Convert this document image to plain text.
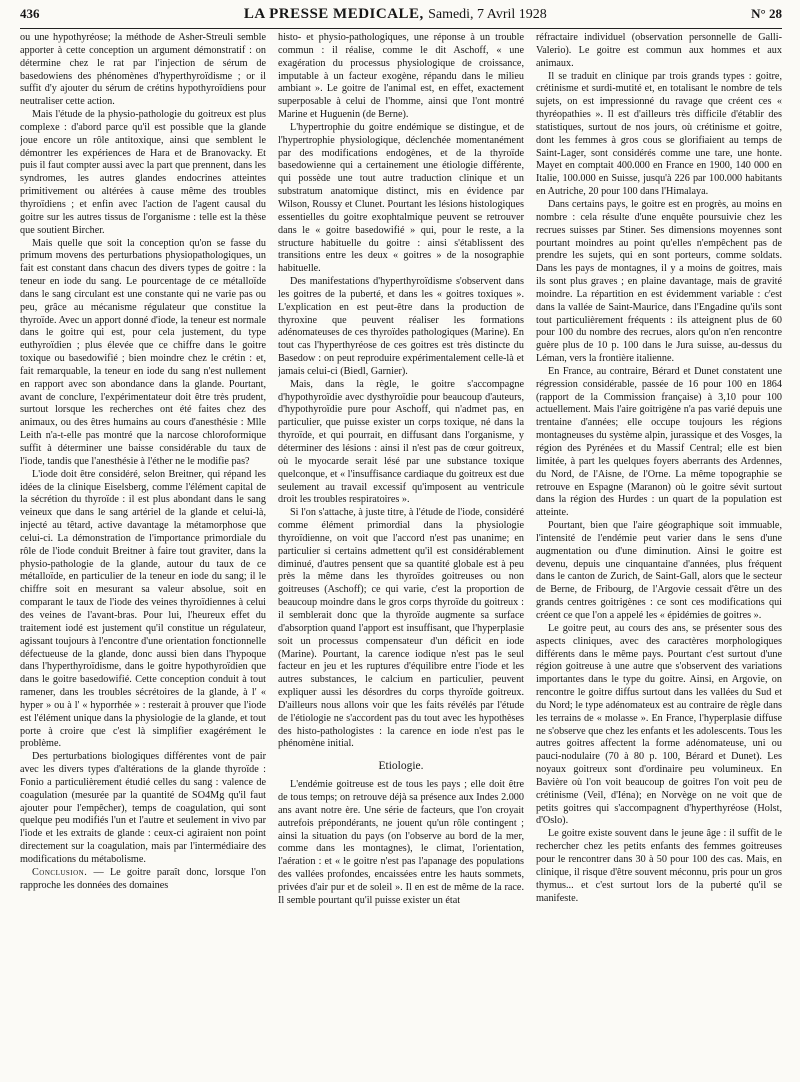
436	LA PRESSE MEDICALE, Samedi, 7 Avril 1928	N° 28

ou une hypothyréose; la méthode de Asher-Streuli semble apporter à cette conception un argument démonstratif : on détermine chez le rat par l'injection de sérum de basedowiens des phénomènes d'hyperthyroïdisme ; or il suffit d'y ajouter du sérum de crétins hypothyroïdiens pour neutraliser cette action.

Mais l'étude de la physio-pathologie du goitreux est plus complexe : d'abord parce qu'il est possible que la glande joue encore un rôle antitoxique, ainsi que semblent le démontrer les expériences de Hara et de Branovacky. Et puis il faut compter aussi avec la part que prennent, dans les syndromes, les autres glandes endocrines atteintes primitivement ou altérées à cause même des troubles thyroïdiens ; et enfin avec l'action de l'agent causal du goitre sur les autres tissus de l'organisme : telle est la thèse que soutient Bircher.

Mais quelle que soit la conception qu'on se fasse du primum movens des perturbations physiopathologiques, un fait est constant dans chacun des divers types de goitre : la teneur en iode du sang. Le pourcentage de ce métalloïde dans le sang circulant est une constante qui ne varie pas ou peu, grâce au mécanisme régulateur que constitue la thyroïde. Avec un apport donné d'iode, la teneur est normale dans le goitre qui est, pour cela justement, du type euthyroïdien ; plus élevée que ce chiffre dans le goitre toxique ou basedowifié ; bien moindre chez le crétin : et, fait remarquable, la teneur en iode du sang n'est nullement en rapport avec son abondance dans la glande. Pourtant, avant de conclure, l'expérimentateur doit être très prudent, surtout lorsque les recherches ont été faites chez des animaux, ou des êtres humains au cours d'anesthésie : Mlle Leith n'a-t-elle pas montré que la narcose chloroformique suffit à déterminer une baisse considérable du taux de l'iode, tandis que l'anesthésie à l'éther ne le modifie pas?

L'iode doit être considéré, selon Breitner, qui répand les idées de la clinique Eiselsberg, comme l'élément capital de la sécrétion du thyroïde : il est plus abondant dans le sang veineux que dans le sang artériel de la glande et celui-là, injecté au têtard, active davantage la métamorphose que celui-ci. La démonstration de l'importance primordiale du rôle de l'iode conduit Breitner à faire tout graviter, dans la physio-pathologie de la glande, autour du taux de ce métalloïde, en particulier de la teneur en iode du sang; il le chiffre soit en mesurant sa valeur absolue, soit en comparant le taux de l'iode des veines thyroïdiennes à celui des veines de l'avant-bras. Pour lui, l'heureux effet du traitement iodé est justement qu'il constitue un régulateur, agissant toujours à l'encontre d'une orientation fonctionnelle défectueuse de la glande, donc aussi bien dans l'hypoque dans l'hyperthyroïdisme, dans le goitre hypothyroïdien que dans le goitre basedowifié. Cette conception conduit à tout ramener, dans les troubles sécrétoires de la glande, à l' « hyper » ou à l' « hyporrhée » : resterait à prouver que l'iode est l'élément unique dans la physiologie de la glande, et tout porte à croire que c'est là simplifier exagérément le problème.

Des perturbations biologiques différentes vont de pair avec les divers types d'altérations de la glande thyroïde : Fonio a particulièrement étudié celles du sang : valence de coagulation (mesurée par la quantité de SO4Mg qu'il faut ajouter pour l'empêcher), temps de coagulation, qui sont quelque peu modifiés l'un et l'autre et seulement in vivo par l'iode et les extraits de glande : ceux-ci agiraient non point directement sur la coagulation, mais par l'intermédiaire des modifications du métabolisme.

Conclusion. — Le goitre paraît donc, lorsque l'on rapproche les données des domaines

histo- et physio-pathologiques, une réponse à un trouble commun : il réalise, comme le dit Aschoff, « une exagération du processus physiologique de croissance, imputable à un facteur exogène, répandu dans le milieu ambiant ». Le goitre de l'animal est, en effet, exactement superposable à celui de l'homme, ainsi que l'ont montré Marine et Huguenin (de Berne).

L'hypertrophie du goitre endémique se distingue, et de l'hypertrophie physiologique, déclenchée momentanément par des modifications endogènes, et de la thyroïde basedowienne qui a certainement une étiologie différente, qui possède une tout autre traduction clinique et un substratum anatomique distinct, mis en évidence par Wilson, Roussy et Clunet. Pourtant les lésions histologiques essentielles du goitre exophtalmique peuvent se retrouver dans le « goitre basedowifié » qui, pour le reste, a la structure habituelle du goitre : ainsi s'établissent des transitions entre les deux « goitres » de la nosographie habituelle.

Des manifestations d'hyperthyroïdisme s'observent dans les goitres de la puberté, et dans les « goitres toxiques ». L'explication en est peut-être dans la production de thyroxine que peuvent réaliser les formations adénomateuses de ces thyroïdes pathologiques (Marine). En tout cas l'hyperthyréose de ces goitres est très distincte du Basedow : on peut reproduire expérimentalement celle-là et jamais celui-ci (Biedl, Garnier).

Mais, dans la règle, le goitre s'accompagne d'hypothyroïdie avec dysthyroïdie pour beaucoup d'auteurs, d'hypothyroïdie pure pour Aschoff, qui n'admet pas, en particulier, que puisse exister un corps toxique, né dans la thyroïde, et qui pourrait, en diffusant dans l'organisme, y déterminer des lésions : ainsi il n'est pas de cœur goitreux, où le myocarde serait lésé par une substance toxique quelconque, et « l'insuffisance cardiaque du goitreux est due seulement au travail excessif qu'imposent au ventricule droit les troubles respiratoires ».

Si l'on s'attache, à juste titre, à l'étude de l'iode, considéré comme élément primordial dans la physiologie thyroïdienne, on voit que l'accord n'est pas unanime; en particulier si certains admettent qu'il est considérablement diminué, d'autres pensent que sa quantité globale est à peu près la même dans les thyroïdes goitreuses ou non goitreuses (Aschoff); ce qui varie, c'est la proportion de beaucoup moindre dans le gros corps thyroïde du goitreux : il semblerait donc que la thyroïde augmente sa surface d'absorption quand l'apport est insuffisant, que l'hyperplasie soit un processus compensateur d'un déficit en iode (Marine). Pourtant, la carence iodique n'est pas le seul facteur en jeu et les ruptures d'équilibre entre l'iode et les autres substances, le calcium en particulier, peuvent expliquer aussi les désordres du corps thyroïde goitreux. D'ailleurs nous allons voir que les faits révélés par l'étude de l'étiologie ne s'accordent pas du tout avec les hypothèses des histo-pathologistes : la carence en iode n'est pas le phénomène initial.

Etiologie.

L'endémie goitreuse est de tous les pays ; elle doit être de tous temps; on retrouve déjà sa présence aux Indes 2.000 ans avant notre ère. Une série de facteurs, que l'on croyait autrefois prépondérants, ne jouent qu'un rôle contingent ; ainsi la situation du pays (on l'observe au bord de la mer, comme dans les montagnes), le climat, l'orientation, l'aération : et « le goitre n'est pas l'apanage des populations des vallées profondes, encaissées entre les hauts sommets, privées d'air pur et de soleil ». Il en est de même de la race. Il semble pourtant qu'il puisse exister un état

réfractaire individuel (observation personnelle de Galli-Valerio). Le goitre est commun aux hommes et aux animaux.

Il se traduit en clinique par trois grands types : goitre, crétinisme et surdi-mutité et, en totalisant le nombre de tels sujets, on est impressionné du ravage que créent ces « thyréopathies ». Il est d'ailleurs très difficile d'établir des statistiques, surtout de nos jours, où crétinisme et goitre, dont les femmes à gros cous se glorifiaient au temps de Saint-Lager, sont considérés comme une tare, une honte. Mayet en comptait 400.000 en France en 1900, 140 000 en Italie, 100.000 en Suisse, jusqu'à 226 par 100.000 habitants en Autriche, 20 pour 100 dans l'Himalaya.

Dans certains pays, le goitre est en progrès, au moins en nombre : cela résulte d'une enquête poursuivie chez les recrues suisses par Stiner. Ses dimensions moyennes sont pourtant moindres au point qu'elles n'empêchent pas de prendre les sujets, qui en sont porteurs, comme soldats. Dans les pays de montagnes, il y a moins de goitres, mais ils sont plus graves ; en plaine davantage, mais de gravité moindre. La répartition en est évidemment variable : c'est dans la vallée de Saint-Maurice, dans l'Engadine qu'ils sont tout particulièrement fréquents : ils atteignent plus de 60 pour 100 du nombre des recrues, alors qu'on n'en rencontre guère plus de 10 p. 100 dans le Jura suisse, au-dessus du Léman, vers la frontière italienne.

En France, au contraire, Bérard et Dunet constatent une régression considérable, passée de 16 pour 100 en 1864 (rapport de la Commission française) à 3,10 pour 100 actuellement. Mais l'aire goitrigène n'a pas varié depuis une trentaine d'années; elle occupe toujours les régions montagneuses du système alpin, jurassique et des Vosges, la région des Pyrénées et du Massif Central; elle est bien limitée, à part les quelques foyers aberrants des Ardennes, du Nord, de l'Aisne, de l'Orne. La même topographie se retrouve en Espagne (Maranon) où le goitre sévit surtout dans la région des Hurdes : un quart de la population est atteinte.

Pourtant, bien que l'aire géographique soit immuable, l'intensité de l'endémie peut varier dans le sens d'une augmentation ou d'une diminution. Ainsi le goitre est devenu, depuis une cinquantaine d'années, plus fréquent dans le canton de Zurich, de Saint-Gall, alors que le secteur de Berne, de Fribourg, de l'Argovie cessait d'être un des grands centres goitrigènes : ce sont ces modifications qui créent ce que l'on a appelé les « épidémies de goitres ».

Le goitre peut, au cours des ans, se présenter sous des aspects cliniques, avec des caractères morphologiques différents dans le même pays. Pourtant c'est surtout d'une région goitreuse à une autre que s'observent des variations importantes dans le type du goitre. Ainsi, en Argovie, on rencontre le goitre diffus surtout dans les vallées du Sud et du Nord; le type adénomateux est au contraire de règle dans les terrains de « molasse ». En France, l'hyperplasie diffuse ne s'observe que chez les enfants et les adolescents. Tous les autres goitres affectent la forme adénomateuse, uni ou pauci-nodulaire (70 à 80 p. 100, Bérard et Dunet). Les noyaux goitreux sont d'ordinaire peu volumineux. En Bavière où l'on voit beaucoup de goitres l'on voit peu de crétinisme (Veil, d'Iéna); en Norvège on ne voit que de petits goitres qui s'accompagnent d'hyperthyréose (Holst, d'Oslo).

Le goitre existe souvent dans le jeune âge : il suffit de le rechercher chez les petits enfants des femmes goitreuses pour le rencontrer dans 30 à 50 pour 100 des cas. Mais, en clinique, il risque d'être souvent méconnu, pris pour un gros thymus... et c'est surtout lors de la puberté qu'il se manifeste.
